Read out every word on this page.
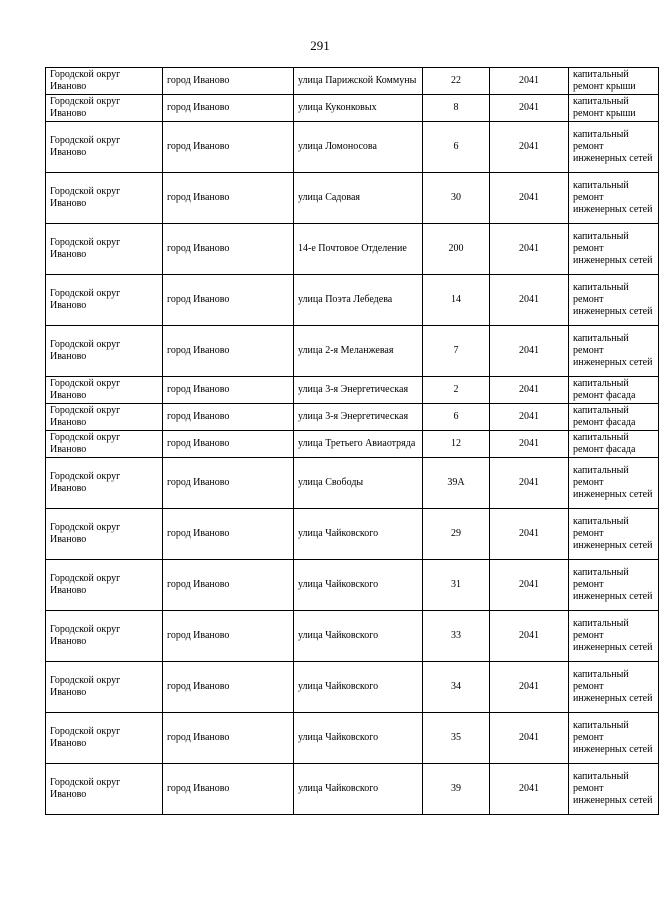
291
Городской округ Иваново	город Иваново	улица Парижской Коммуны	22	2041	капитальный ремонт крыши
Городской округ Иваново	город Иваново	улица Куконковых	8	2041	капитальный ремонт крыши
Городской округ Иваново	город Иваново	улица Ломоносова	6	2041	капитальный ремонт инженерных сетей
Городской округ Иваново	город Иваново	улица Садовая	30	2041	капитальный ремонт инженерных сетей
Городской округ Иваново	город Иваново	14-е Почтовое Отделение	200	2041	капитальный ремонт инженерных сетей
Городской округ Иваново	город Иваново	улица Поэта Лебедева	14	2041	капитальный ремонт инженерных сетей
Городской округ Иваново	город Иваново	улица 2-я Меланжевая	7	2041	капитальный ремонт инженерных сетей
Городской округ Иваново	город Иваново	улица 3-я Энергетическая	2	2041	капитальный ремонт фасада
Городской округ Иваново	город Иваново	улица 3-я Энергетическая	6	2041	капитальный ремонт фасада
Городской округ Иваново	город Иваново	улица Третьего Авиаотряда	12	2041	капитальный ремонт фасада
Городской округ Иваново	город Иваново	улица Свободы	39А	2041	капитальный ремонт инженерных сетей
Городской округ Иваново	город Иваново	улица Чайковского	29	2041	капитальный ремонт инженерных сетей
Городской округ Иваново	город Иваново	улица Чайковского	31	2041	капитальный ремонт инженерных сетей
Городской округ Иваново	город Иваново	улица Чайковского	33	2041	капитальный ремонт инженерных сетей
Городской округ Иваново	город Иваново	улица Чайковского	34	2041	капитальный ремонт инженерных сетей
Городской округ Иваново	город Иваново	улица Чайковского	35	2041	капитальный ремонт инженерных сетей
Городской округ Иваново	город Иваново	улица Чайковского	39	2041	капитальный ремонт инженерных сетей
